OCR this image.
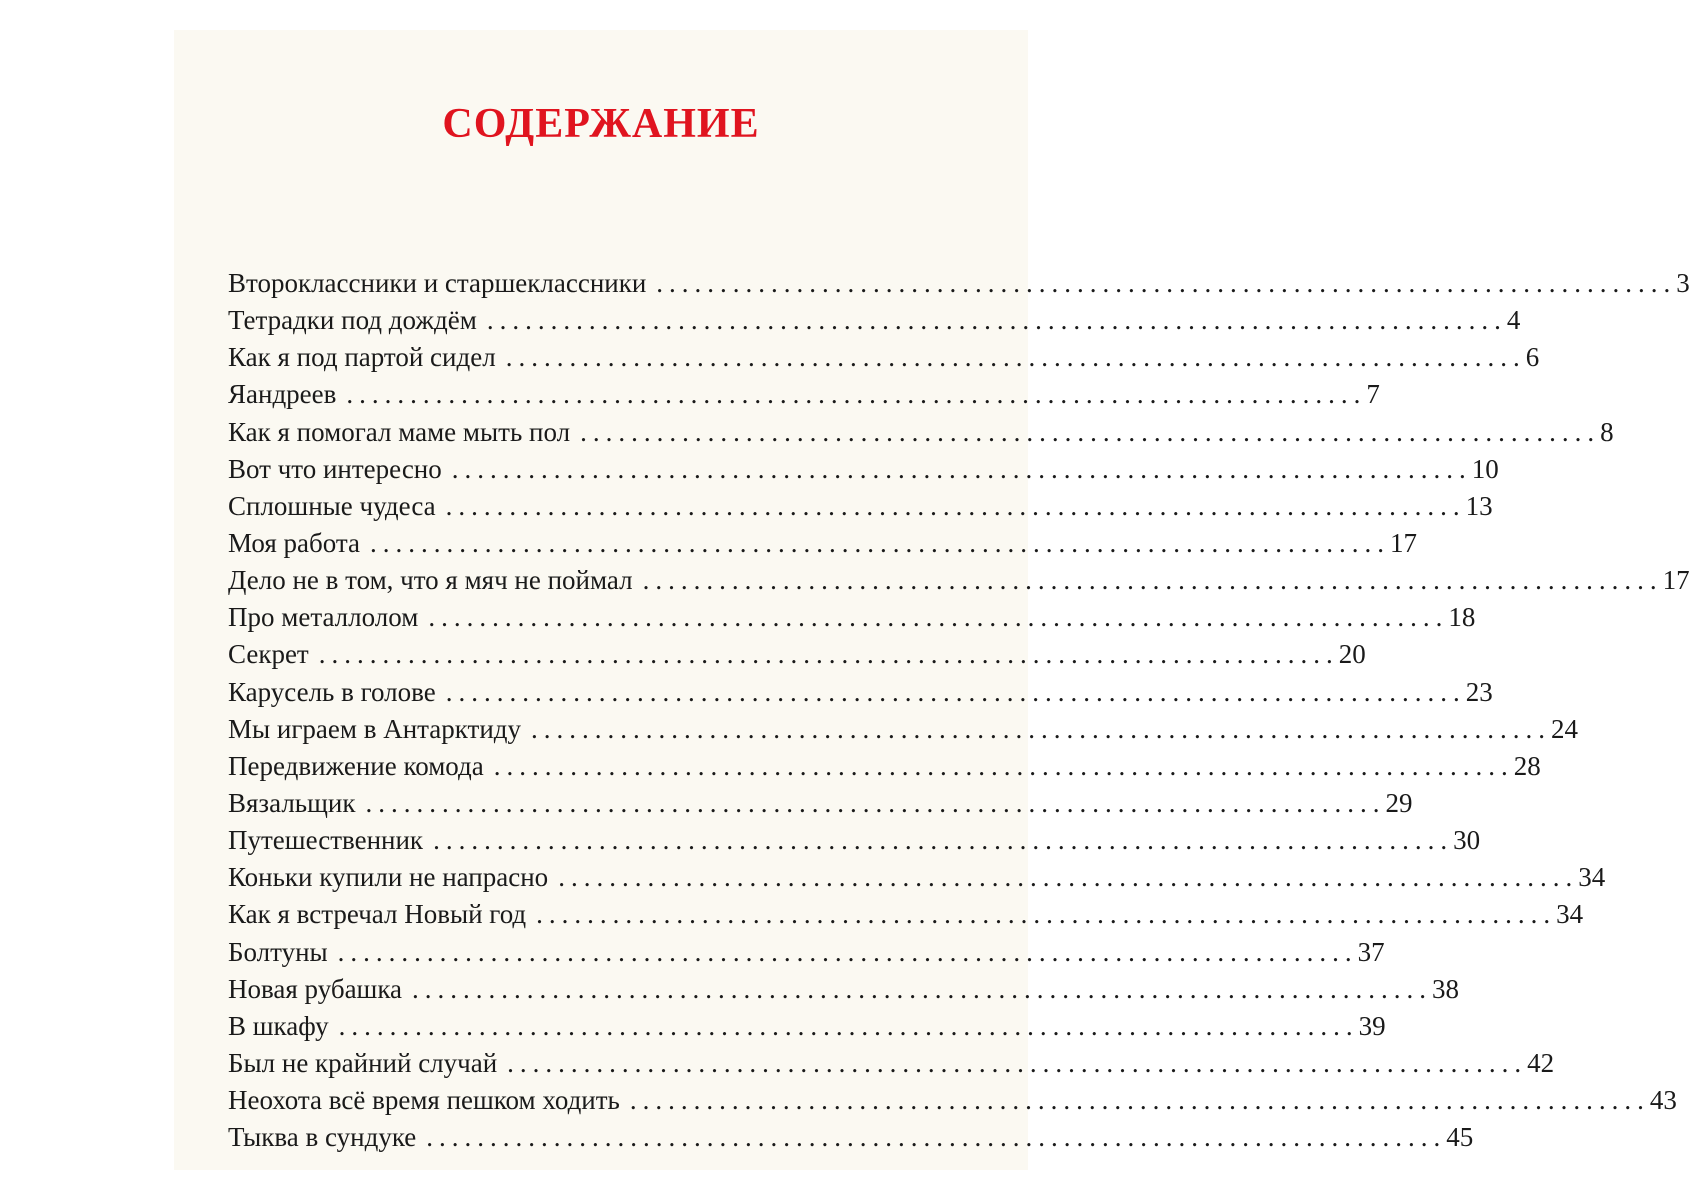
СОДЕРЖАНИЕ
Второклассники и старшеклассники ................................................................................ 3
Тетрадки под дождём ................................................................................ 4
Как я под партой сидел ................................................................................ 6
Яандреев ................................................................................ 7
Как я помогал маме мыть пол ................................................................................ 8
Вот что интересно ................................................................................ 10
Сплошные чудеса ................................................................................ 13
Моя работа ................................................................................ 17
Дело не в том, что я мяч не поймал ................................................................................ 17
Про металлолом ................................................................................ 18
Секрет ................................................................................ 20
Карусель в голове ................................................................................ 23
Мы играем в Антарктиду ................................................................................ 24
Передвижение комода ................................................................................ 28
Вязальщик ................................................................................ 29
Путешественник ................................................................................ 30
Коньки купили не напрасно ................................................................................ 34
Как я встречал Новый год ................................................................................ 34
Болтуны ................................................................................ 37
Новая рубашка ................................................................................ 38
В шкафу ................................................................................ 39
Был не крайний случай ................................................................................ 42
Неохота всё время пешком ходить ................................................................................ 43
Тыква в сундуке ................................................................................ 45
